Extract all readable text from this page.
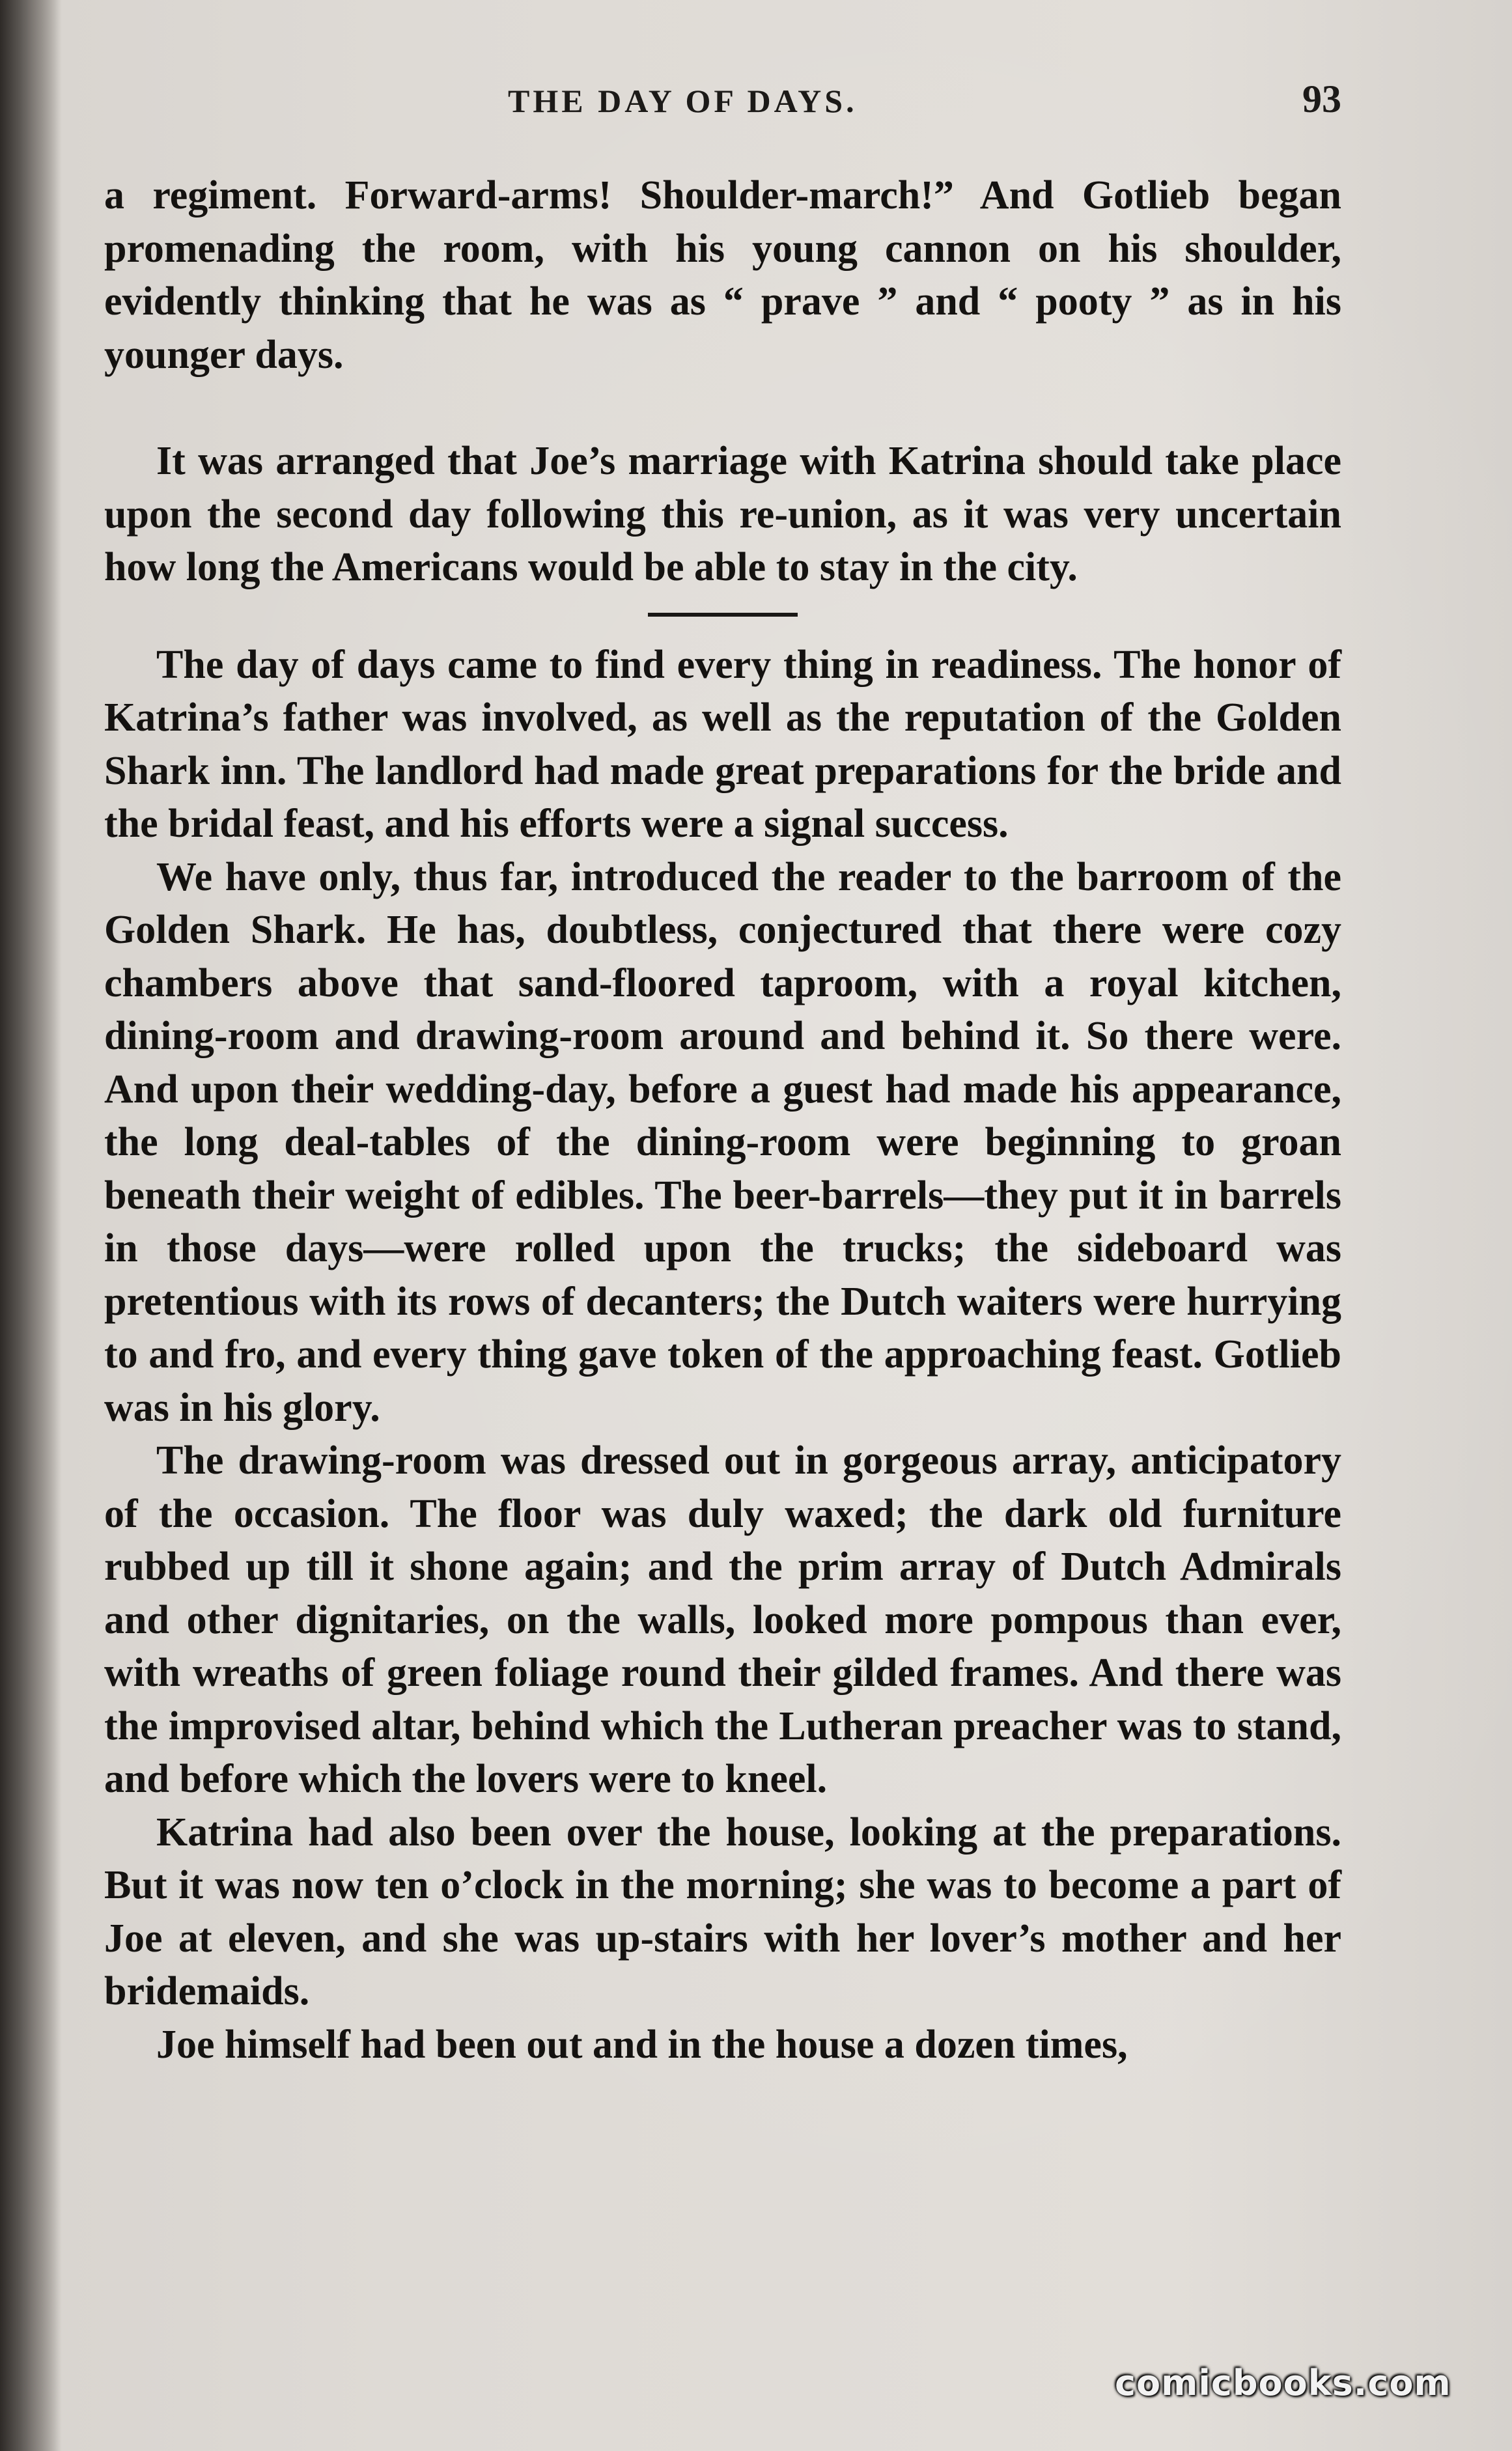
THE DAY OF DAYS.	93

a regiment. Forward-arms! Shoulder-march!” And Gotlieb began promenading the room, with his young cannon on his shoulder, evidently thinking that he was as “ prave ” and “ pooty ” as in his younger days.

It was arranged that Joe’s marriage with Katrina should take place upon the second day following this re-union, as it was very uncertain how long the Americans would be able to stay in the city.

The day of days came to find every thing in readiness. The honor of Katrina’s father was involved, as well as the reputation of the Golden Shark inn. The landlord had made great preparations for the bride and the bridal feast, and his efforts were a signal success.

We have only, thus far, introduced the reader to the barroom of the Golden Shark. He has, doubtless, conjectured that there were cozy chambers above that sand-floored taproom, with a royal kitchen, dining-room and drawing-room around and behind it. So there were. And upon their wedding-day, before a guest had made his appearance, the long deal-tables of the dining-room were beginning to groan beneath their weight of edibles. The beer-barrels—they put it in barrels in those days—were rolled upon the trucks; the sideboard was pretentious with its rows of decanters; the Dutch waiters were hurrying to and fro, and every thing gave token of the approaching feast. Gotlieb was in his glory.

The drawing-room was dressed out in gorgeous array, anticipatory of the occasion. The floor was duly waxed; the dark old furniture rubbed up till it shone again; and the prim array of Dutch Admirals and other dignitaries, on the walls, looked more pompous than ever, with wreaths of green foliage round their gilded frames. And there was the improvised altar, behind which the Lutheran preacher was to stand, and before which the lovers were to kneel.

Katrina had also been over the house, looking at the preparations. But it was now ten o’clock in the morning; she was to become a part of Joe at eleven, and she was up-stairs with her lover’s mother and her bridemaids.

Joe himself had been out and in the house a dozen times,

comicbooks.com
